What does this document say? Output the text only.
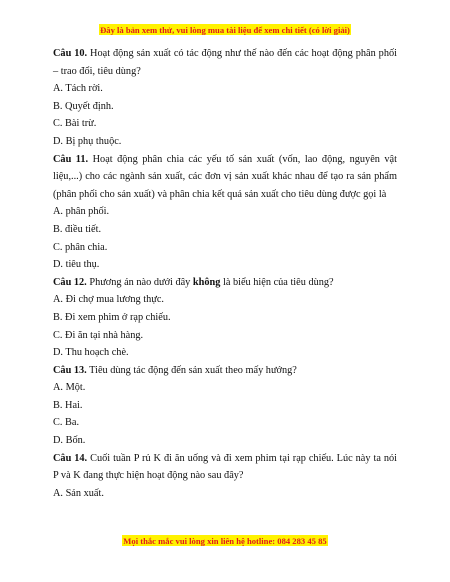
Đây là bản xem thử, vui lòng mua tài liệu để xem chi tiết (có lời giải)

Câu 10. Hoạt động sản xuất có tác động như thế nào đến các hoạt động phân phối – trao đổi, tiêu dùng?

A. Tách rời.

B. Quyết định.

C. Bài trừ.

D. Bị phụ thuộc.

Câu 11. Hoạt động phân chia các yếu tố sản xuất (vốn, lao động, nguyên vật liệu,...) cho các ngành sản xuất, các đơn vị sản xuất khác nhau để tạo ra sản phẩm (phân phối cho sản xuất) và phân chia kết quả sản xuất cho tiêu dùng được gọi là

A. phân phối.

B. điều tiết.

C. phân chia.

D. tiêu thụ.

Câu 12. Phương án nào dưới đây không là biểu hiện của tiêu dùng?

A. Đi chợ mua lương thực.

B. Đi xem phim ở rạp chiếu.

C. Đi ăn tại nhà hàng.

D. Thu hoạch chè.

Câu 13. Tiêu dùng tác động đến sản xuất theo mấy hướng?

A. Một.

B. Hai.

C. Ba.

D. Bốn.

Câu 14. Cuối tuần P rủ K đi ăn uống và đi xem phim tại rạp chiếu. Lúc này ta nói P và K đang thực hiện hoạt động nào sau đây?

A. Sản xuất.

Mọi thắc mắc vui lòng xin liên hệ hotline: 084 283 45 85
